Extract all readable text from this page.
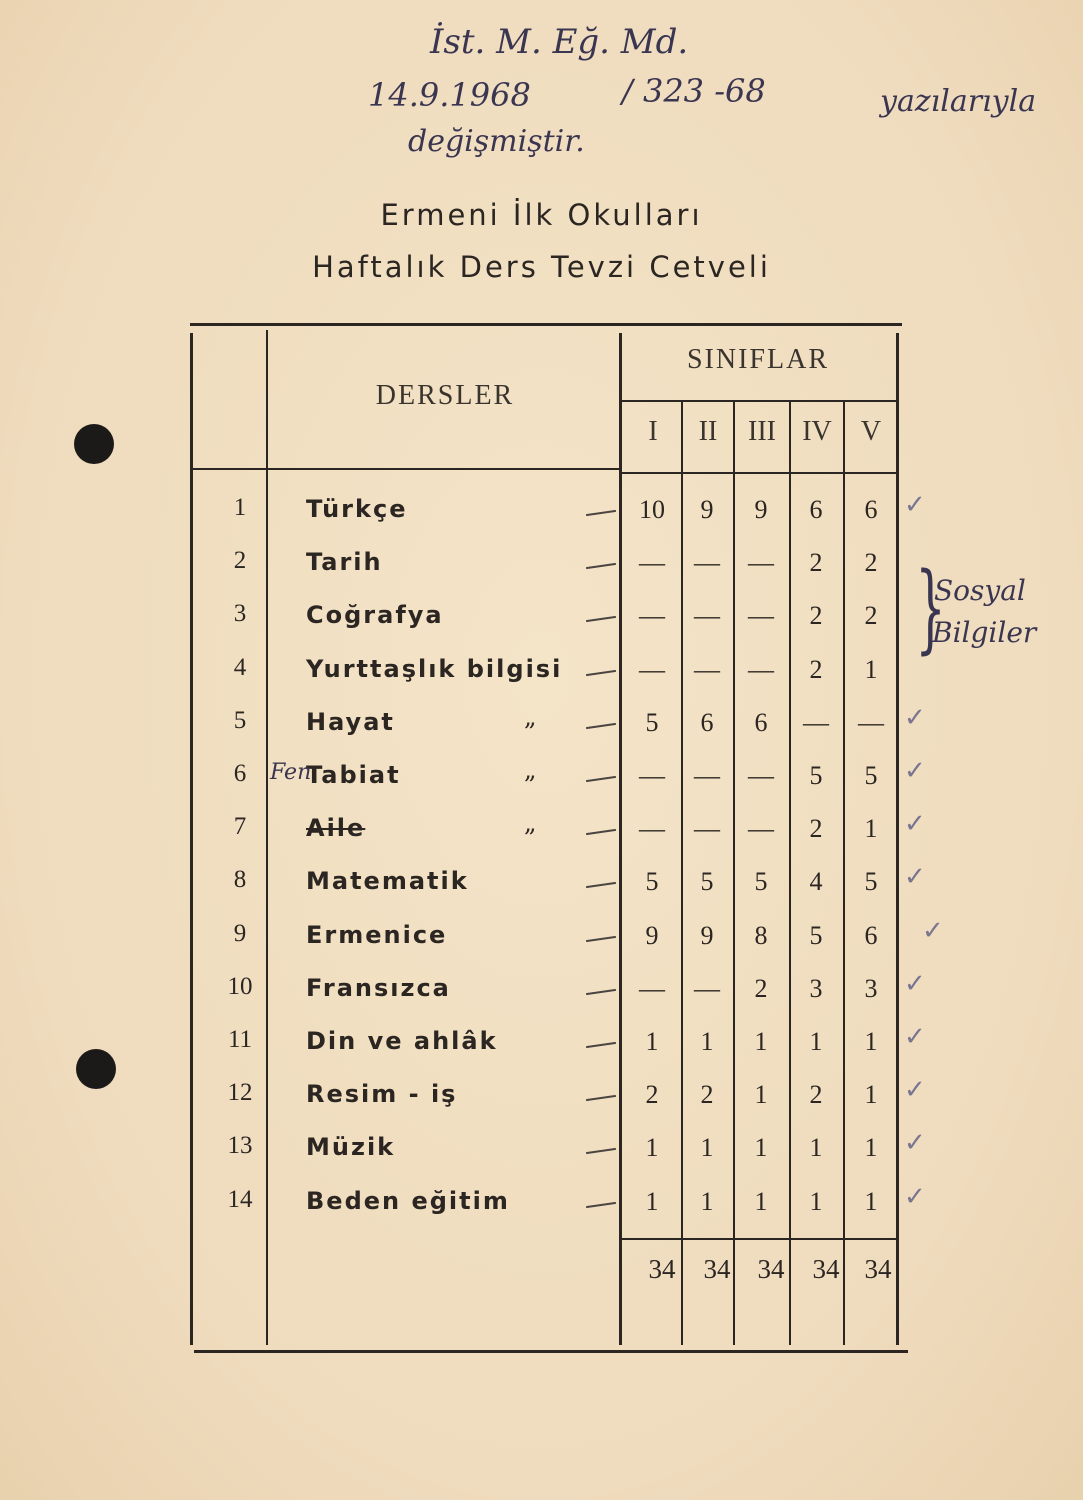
İst. M. Eğ. Md.
14.9.1968	/ 323 -68	yazılarıyla
değişmiştir.
Ermeni İlk Okulları
Haftalık Ders Tevzi Cetveli
DERSLER
SINIFLAR
I	II	III IV	V
1	Türkçe	10	9	9	6	6	✓
2	Tarih	—	—	—	2	2
3	Coğrafya	—	—	—	2	2
4	Yurttaşlık bilgisi	—	—	—	2	1
5	Hayat	„	5	6	6	—	— ✓
6	Tabiat	„	—	—	—	5	5	✓
7	Aile	„	—	—	—	2	1	✓
8	Matematik	5	5	5	4	5	✓
9	Ermenice	9	9	8	5	6	✓
10	Fransızca	—	—	2	3	3	✓
11	Din ve ahlâk	1	1	1	1	1	✓
12	Resim - iş	2	2	1	2	1	✓
13	Müzik	1	1	1	1	1	✓
14	Beden eğitim	1	1	1	1	1	✓
34	34	34	34 34
Fen
}
Sosyal
Bilgiler
